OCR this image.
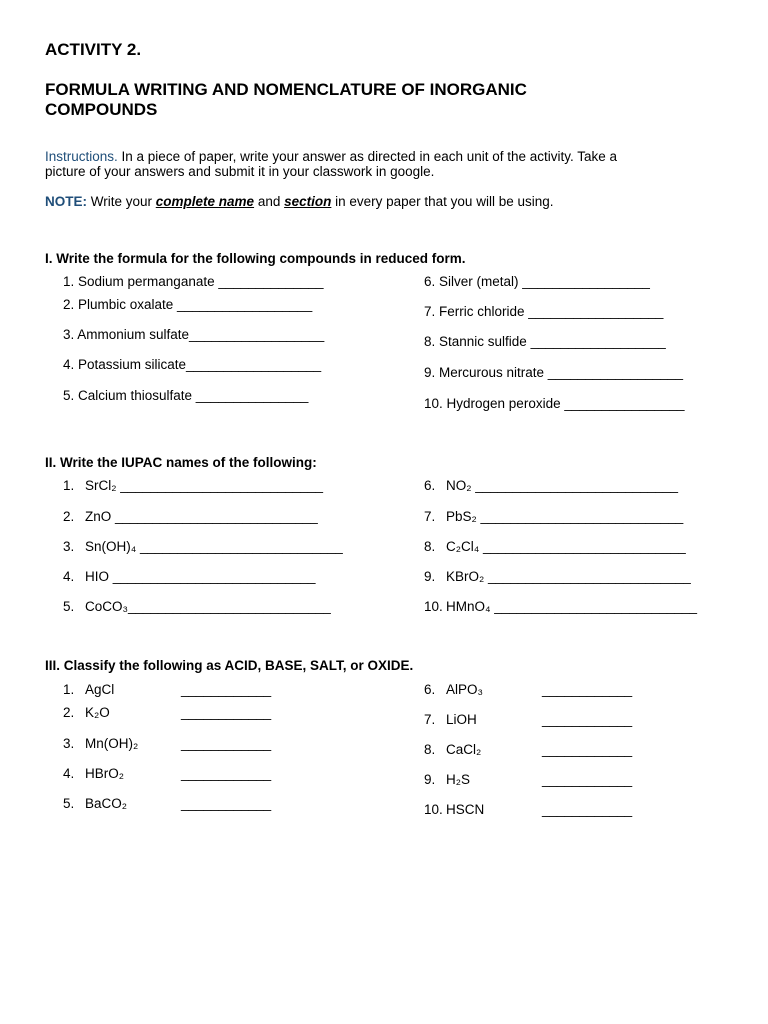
ACTIVITY 2.
FORMULA WRITING AND NOMENCLATURE OF INORGANIC
COMPOUNDS
Instructions. In a piece of paper, write your answer as directed in each unit of the activity. Take a
picture of your answers and submit it in your classwork in google.
NOTE: Write your complete name and section in every paper that you will be using.
I. Write the formula for the following compounds in reduced form.
1. Sodium permanganate ______________
2. Plumbic oxalate __________________
3. Ammonium sulfate__________________
4. Potassium silicate__________________
5. Calcium thiosulfate _______________
6. Silver (metal) _________________
7. Ferric chloride __________________
8. Stannic sulfide __________________
9. Mercurous nitrate __________________
10. Hydrogen peroxide ________________
II. Write the IUPAC names of the following:
1. SrCl₂ ___________________________
2. ZnO ___________________________
3. Sn(OH)₄ ___________________________
4. HIO ___________________________
5. CoCO₃___________________________
6. NO₂ ___________________________
7. PbS₂ ___________________________
8. C₂Cl₄ ___________________________
9. KBrO₂ ___________________________
10. HMnO₄ ___________________________
III. Classify the following as ACID, BASE, SALT, or OXIDE.
1. AgCl	____________
2. K₂O	____________
3. Mn(OH)₂	____________
4. HBrO₂	____________
5. BaCO₂	____________
6. AlPO₃	____________
7. LiOH	____________
8. CaCl₂	____________
9. H₂S	____________
10. HSCN	____________
